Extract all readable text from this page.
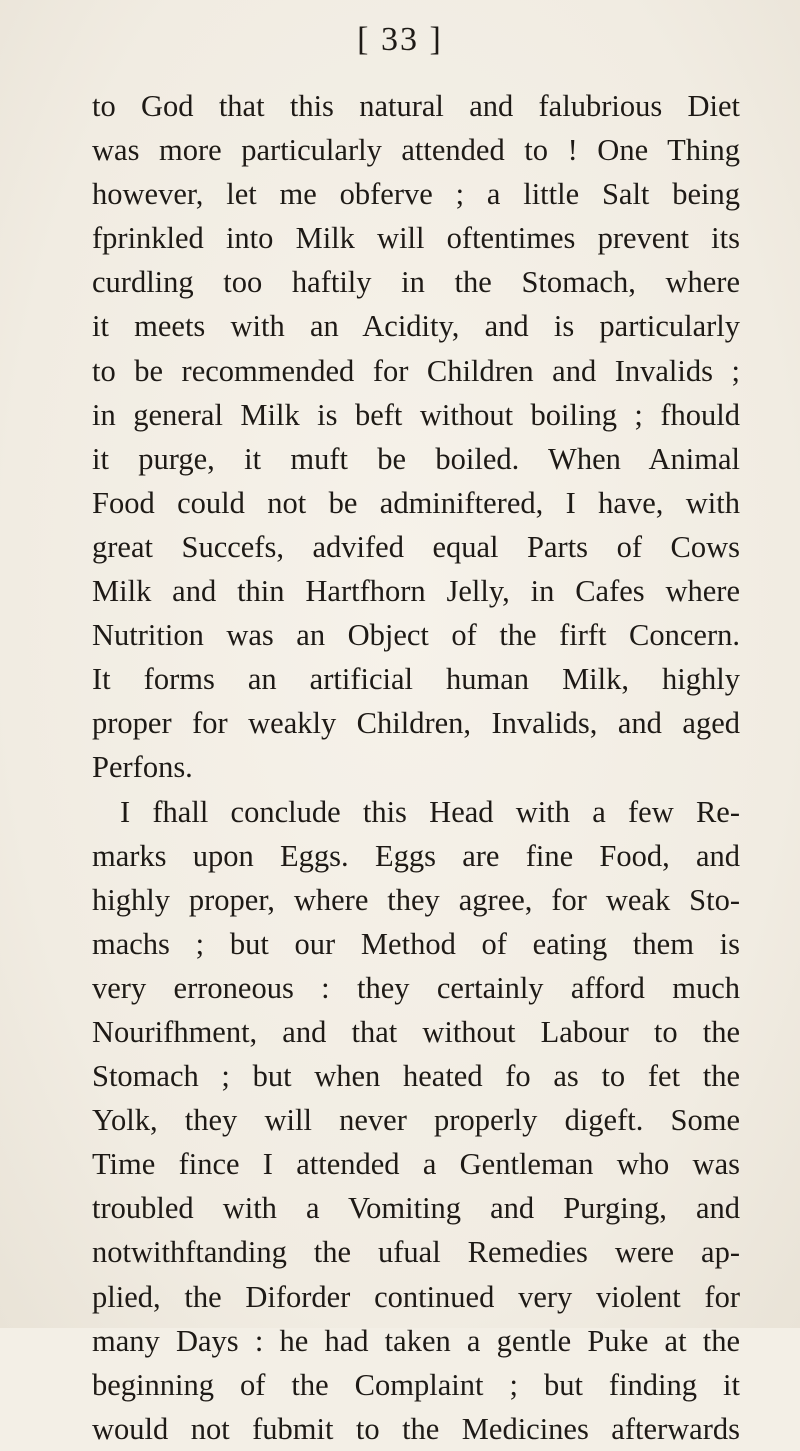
[ 33 ]
to God that this natural and falubrious Diet
was more particularly attended to ! One Thing
however, let me obferve ; a little Salt being
fprinkled into Milk will oftentimes prevent its
curdling too haftily in the Stomach, where
it meets with an Acidity, and is particularly
to be recommended for Children and Invalids ;
in general Milk is beft without boiling ; fhould
it purge, it muft be boiled. When Animal
Food could not be adminiftered, I have, with
great Succefs, advifed equal Parts of Cows
Milk and thin Hartfhorn Jelly, in Cafes where
Nutrition was an Object of the firft Concern.
It forms an artificial human Milk, highly
proper for weakly Children, Invalids, and aged
Perfons.
I fhall conclude this Head with a few Re-
marks upon Eggs. Eggs are fine Food, and
highly proper, where they agree, for weak Sto-
machs ; but our Method of eating them is
very erroneous : they certainly afford much
Nourifhment, and that without Labour to the
Stomach ; but when heated fo as to fet the
Yolk, they will never properly digeft. Some
Time fince I attended a Gentleman who was
troubled with a Vomiting and Purging, and
notwithftanding the ufual Remedies were ap-
plied, the Diforder continued very violent for
many Days : he had taken a gentle Puke at the
beginning of the Complaint ; but finding it
would not fubmit to the Medicines afterwards
